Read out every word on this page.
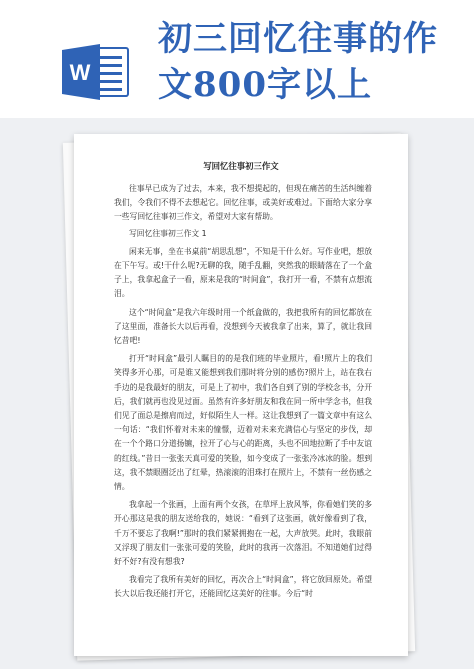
W
初三回忆往事的作
文800字以上
写回忆往事初三作文

往事早已成为了过去，本来，我不想提起的，但现在痛苦的生活纠缠着我们，令我们不得不去想起它。回忆往事，或美好或难过。下面给大家分享一些写回忆往事初三作文，希望对大家有帮助。

写回忆往事初三作文 1

闲来无事，坐在书桌前“胡思乱想”，不知是干什么好。写作业吧，想放在下午写。或!干什么呢?无聊的我，随手乱翻，突然我的眼睛落在了一个盒子上，我拿起盒子一看，原来是我的“时间盒”，我打开一看，不禁有点想流泪。

这个“时间盒”是我六年级时用一个纸盒做的，我把我所有的回忆都放在了这里面，准备长大以后再看，没想到今天被我拿了出来，算了，就让我回忆昔吧!

打开“时间盒”最引人瞩目的的是我们班的毕业照片，看!照片上的我们笑得多开心那，可是谁又能想到我们那时将分别的感伤?照片上，站在我右手边的是我最好的朋友，可是上了初中，我们各自到了别的学校念书，分开后，我们就再也没见过面。虽然有许多好朋友和我在同一所中学念书，但我们见了面总是擦肩而过，好似陌生人一样。这让我想到了一篇文章中有这么一句话：“我们怀着对未来的憧憬，迈着对未来充满信心与坚定的步伐，却在一个个路口分道扬镳，拉开了心与心的距离，头也不回地拉断了手中友谊的红线。”昔日一张张天真可爱的笑脸，如今变成了一张张冷冰冰的脸。想到这，我不禁眼圈泛出了红晕，热滚滚的泪珠打在照片上，不禁有一丝伤感之情。

我拿起一个张画，上面有两个女孩，在草坪上放风筝，你看她们笑的多开心那这是我的朋友送给我的，她说：“看到了这张画，就好像看到了我，千万不要忘了我啊!”那时的我们紧紧拥抱在一起，大声放哭。此时，我眼前又浮现了朋友们一张张可爱的笑脸，此时的我再一次落泪。不知道她们过得好不好?有没有想我?

我看完了我所有美好的回忆，再次合上“时间盒”，将它放回原处。希望长大以后我还能打开它，还能回忆这美好的往事。今后“时
